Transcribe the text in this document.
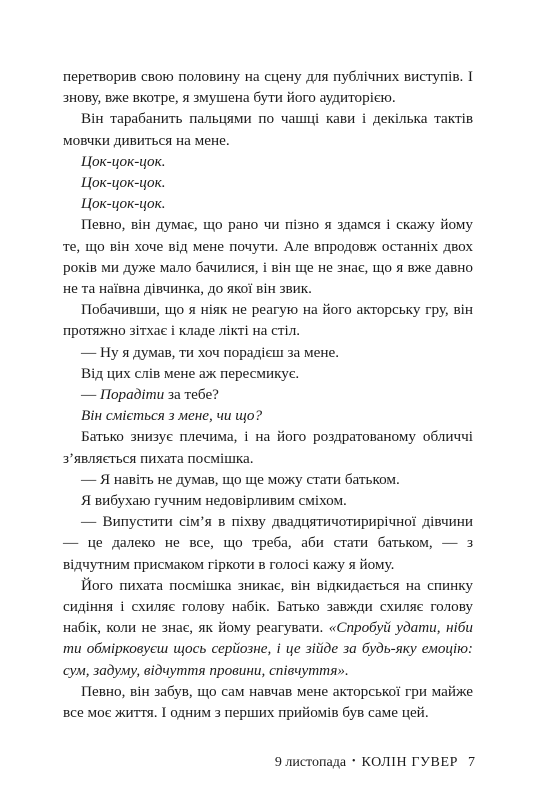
перетворив свою половину на сцену для публічних виступів. І знову, вже вкотре, я змушена бути його аудиторією.

Він тарабанить пальцями по чашці кави і декілька тактів мовчки дивиться на мене.

Цок-цок-цок.

Цок-цок-цок.

Цок-цок-цок.

Певно, він думає, що рано чи пізно я здамся і скажу йому те, що він хоче від мене почути. Але впродовж останніх двох років ми дуже мало бачилися, і він ще не знає, що я вже давно не та наївна дівчинка, до якої він звик.

Побачивши, що я ніяк не реагую на його акторську гру, він протяжно зітхає і кладе лікті на стіл.

— Ну я думав, ти хоч порадієш за мене.

Від цих слів мене аж пересмикує.

— Порадіти за тебе?

Він сміється з мене, чи що?

Батько знизує плечима, і на його роздратованому обличчі з’являється пихата посмішка.

— Я навіть не думав, що ще можу стати батьком.

Я вибухаю гучним недовірливим сміхом.

— Випустити сім’я в піхву двадцятичотирирічної дівчини — це далеко не все, що треба, аби стати батьком, — з відчутним присмаком гіркоти в голосі кажу я йому.

Його пихата посмішка зникає, він відкидається на спинку сидіння і схиляє голову набік. Батько завжди схиляє голову набік, коли не знає, як йому реагувати. «Спробуй удати, ніби ти обмірковуєш щось серйозне, і це зійде за будь-яку емоцію: сум, задуму, відчуття провини, співчуття».

Певно, він забув, що сам навчав мене акторської гри майже все моє життя. І одним з перших прийомів був саме цей.

9 листопада • КОЛІН ГУВЕР 7
